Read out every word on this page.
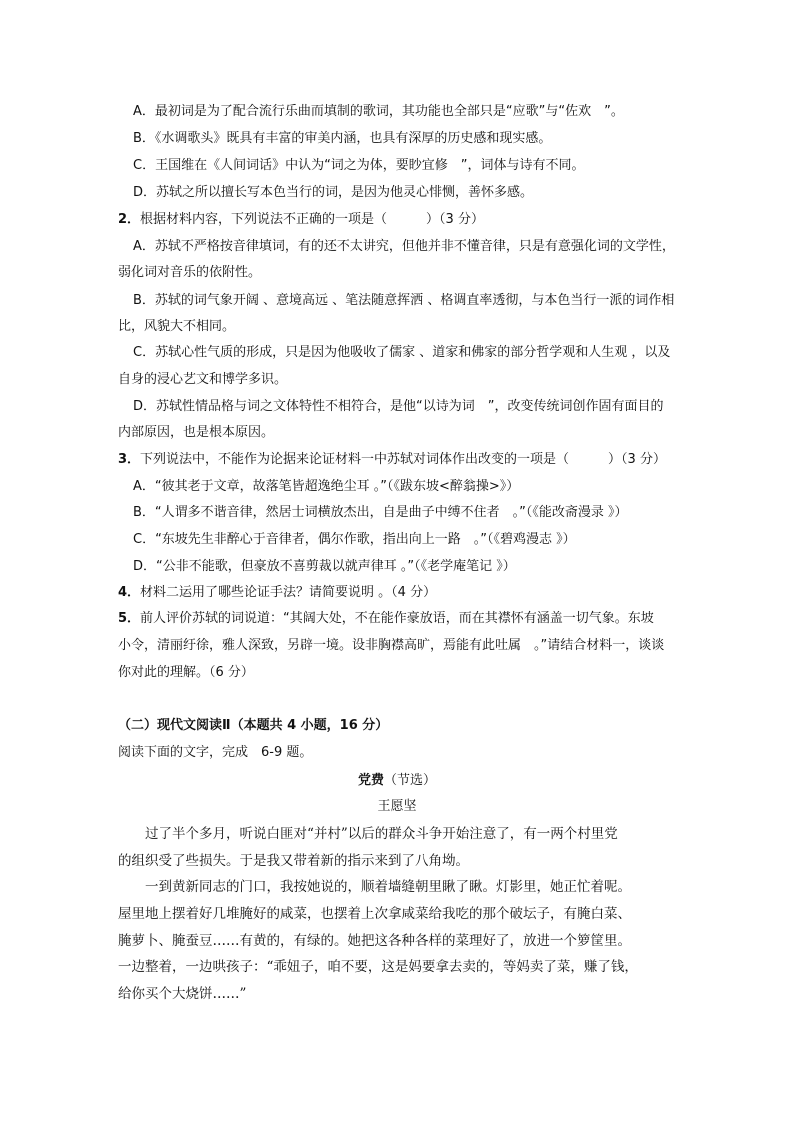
A．最初词是为了配合流行乐曲而填制的歌词，其功能也全部只是“应歌”与“佐欢　”。
B．《水调歌头》既具有丰富的审美内涵，也具有深厚的历史感和现实感。
C．王国维在《人间词话》中认为“词之为体，要眇宜修　”，词体与诗有不同。
D．苏轼之所以擅长写本色当行的词，是因为他灵心悱恻，善怀多感。
2．根据材料内容，下列说法不正确的一项是（　　　）（3 分）
A．苏轼不严格按音律填词，有的还不太讲究，但他并非不懂音律，只是有意强化词的文学性，
弱化词对音乐的依附性。
B．苏轼的词气象开阔 、意境高远 、笔法随意挥洒 、格调直率透彻，与本色当行一派的词作相
比，风貌大不相同。
C．苏轼心性气质的形成，只是因为他吸收了儒家 、道家和佛家的部分哲学观和人生观 ，以及
自身的浸心艺文和博学多识。
D．苏轼性情品格与词之文体特性不相符合，是他“以诗为词　”，改变传统词创作固有面目的
内部原因，也是根本原因。
3．下列说法中，不能作为论据来论证材料一中苏轼对词体作出改变的一项是（　　　）（3 分）
A．“彼其老于文章，故落笔皆超逸绝尘耳 。”（《跋东坡<醉翁操>》）
B．“人谓多不谐音律，然居士词横放杰出，自是曲子中缚不住者　。”（《能改斋漫录 》）
C．“东坡先生非醉心于音律者，偶尔作歌，指出向上一路　。”（《碧鸡漫志 》）
D．“公非不能歌，但豪放不喜剪裁以就声律耳 。”（《老学庵笔记 》）
4．材料二运用了哪些论证手法？请简要说明 。（4 分）
5．前人评价苏轼的词说道：“其阔大处，不在能作豪放语，而在其襟怀有涵盖一切气象。东坡
小令，清丽纡徐，雅人深致，另辟一境。设非胸襟高旷，焉能有此吐属　。”请结合材料一，谈谈
你对此的理解。（6 分）
（二）现代文阅读Ⅱ（本题共 4 小题，16 分）
阅读下面的文字，完成　6-9 题。
党费（节选）
王愿坚
　　过了半个多月，听说白匪对“并村”以后的群众斗争开始注意了，有一两个村里党
的组织受了些损失。于是我又带着新的指示来到了八角坳。
　　一到黄新同志的门口，我按她说的，顺着墙缝朝里瞅了瞅。灯影里，她正忙着呢。
屋里地上摆着好几堆腌好的咸菜，也摆着上次拿咸菜给我吃的那个破坛子，有腌白菜、
腌萝卜、腌蚕豆……有黄的，有绿的。她把这各种各样的菜理好了，放进一个箩筐里。
一边整着，一边哄孩子：“乖妞子，咱不要，这是妈要拿去卖的，等妈卖了菜，赚了钱，
给你买个大烧饼……”
